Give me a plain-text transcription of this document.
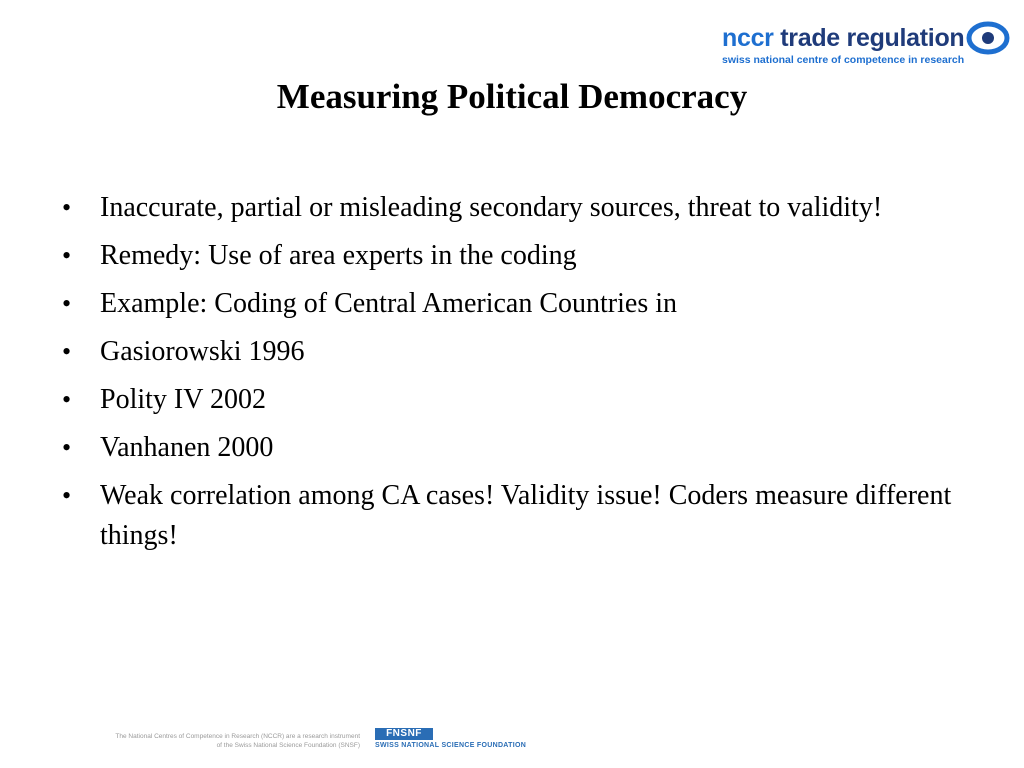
nccr trade regulation
swiss national centre of competence in research
Measuring Political Democracy
• Inaccurate, partial or misleading secondary sources, threat to validity!
• Remedy: Use of area experts in the coding
• Example: Coding of Central American Countries in
• Gasiorowski 1996
• Polity IV 2002
• Vanhanen 2000
• Weak correlation among CA cases! Validity issue! Coders measure different things!
The National Centres of Competence in Research (NCCR) are a research instrument
of the Swiss National Science Foundation (SNSF)
FNSNF
SWISS NATIONAL SCIENCE FOUNDATION
